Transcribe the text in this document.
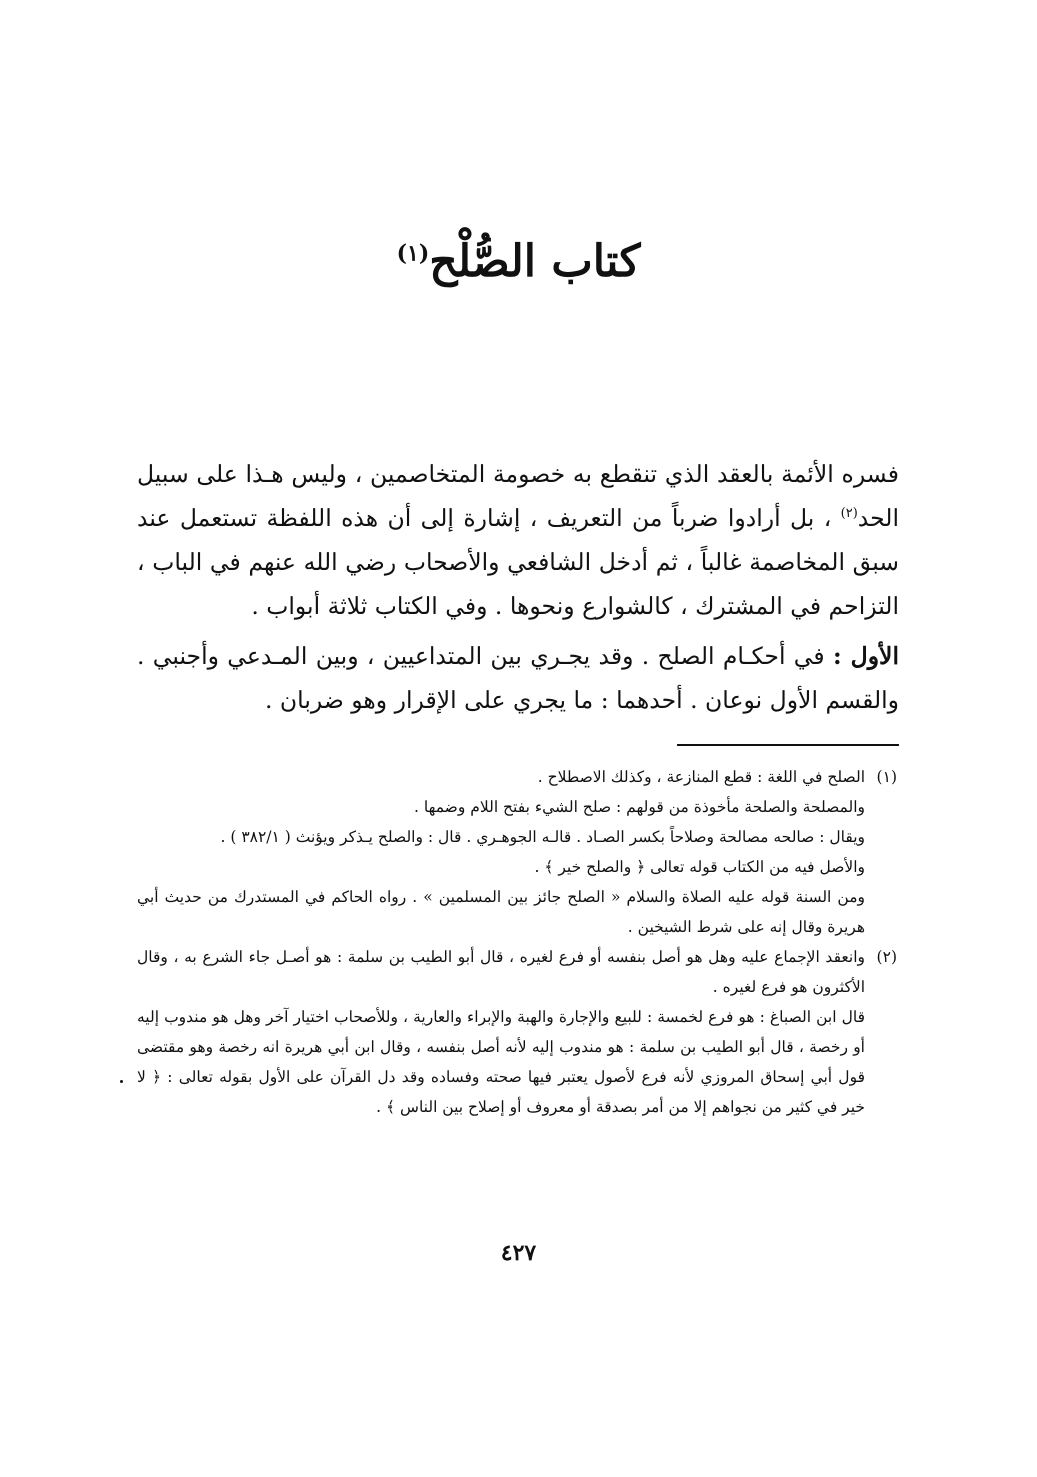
كتاب الصُّلْح$^{(١)}$

فسره الأئمة بالعقد الذي تنقطع به خصومة المتخاصمين ، وليس هـذا على سبيل الحد$^{(٢)}$ ، بل أرادوا ضرباً من التعريف ، إشارة إلى أن هذه اللفظة تستعمل عند سبق المخاصمة غالباً ، ثم أدخل الشافعي والأصحاب رضي الله عنهم في الباب ، التزاحم في المشترك ، كالشوارع ونحوها . وفي الكتاب ثلاثة أبواب .

الأول : في أحكـام الصلح . وقد يجـري بين المتداعيين ، وبين المـدعي وأجنبي . والقسم الأول نوعان . أحدهما : ما يجري على الإقرار وهو ضربان .

(١)
الصلح في اللغة : قطع المنازعة ، وكذلك الاصطلاح .
والمصلحة والصلحة مأخوذة من قولهم : صلح الشيء بفتح اللام وضمها .
ويقال : صالحه مصالحة وصلاحاً بكسر الصـاد . قالـه الجوهـري . قال : والصلح يـذكر ويؤنث ( ٣٨٢/١ ) .
والأصل فيه من الكتاب قوله تعالى ﴿ والصلح خير ﴾ .
ومن السنة قوله عليه الصلاة والسلام « الصلح جائز بين المسلمين » . رواه الحاكم في المستدرك من حديث أبي هريرة وقال إنه على شرط الشيخين .
(٢)
وانعقد الإجماع عليه وهل هو أصل بنفسه أو فرع لغيره ، قال أبو الطيب بن سلمة : هو أصـل جاء الشرع به ، وقال الأكثرون هو فرع لغيره .
قال ابن الصباغ : هو فرع لخمسة : للبيع والإجارة والهبة والإبراء والعارية ، وللأصحاب اختيار آخر وهل هو مندوب إليه أو رخصة ، قال أبو الطيب بن سلمة : هو مندوب إليه لأنه أصل بنفسه ، وقال ابن أبي هريرة انه رخصة وهو مقتضى قول أبي إسحاق المروزي لأنه فرع لأصول يعتبر فيها صحته وفساده وقد دل القرآن على الأول بقوله تعالى : ﴿ لا خير في كثير من نجواهم إلا من أمر بصدقة أو معروف أو إصلاح بين الناس ﴾ .
٤٢٧
